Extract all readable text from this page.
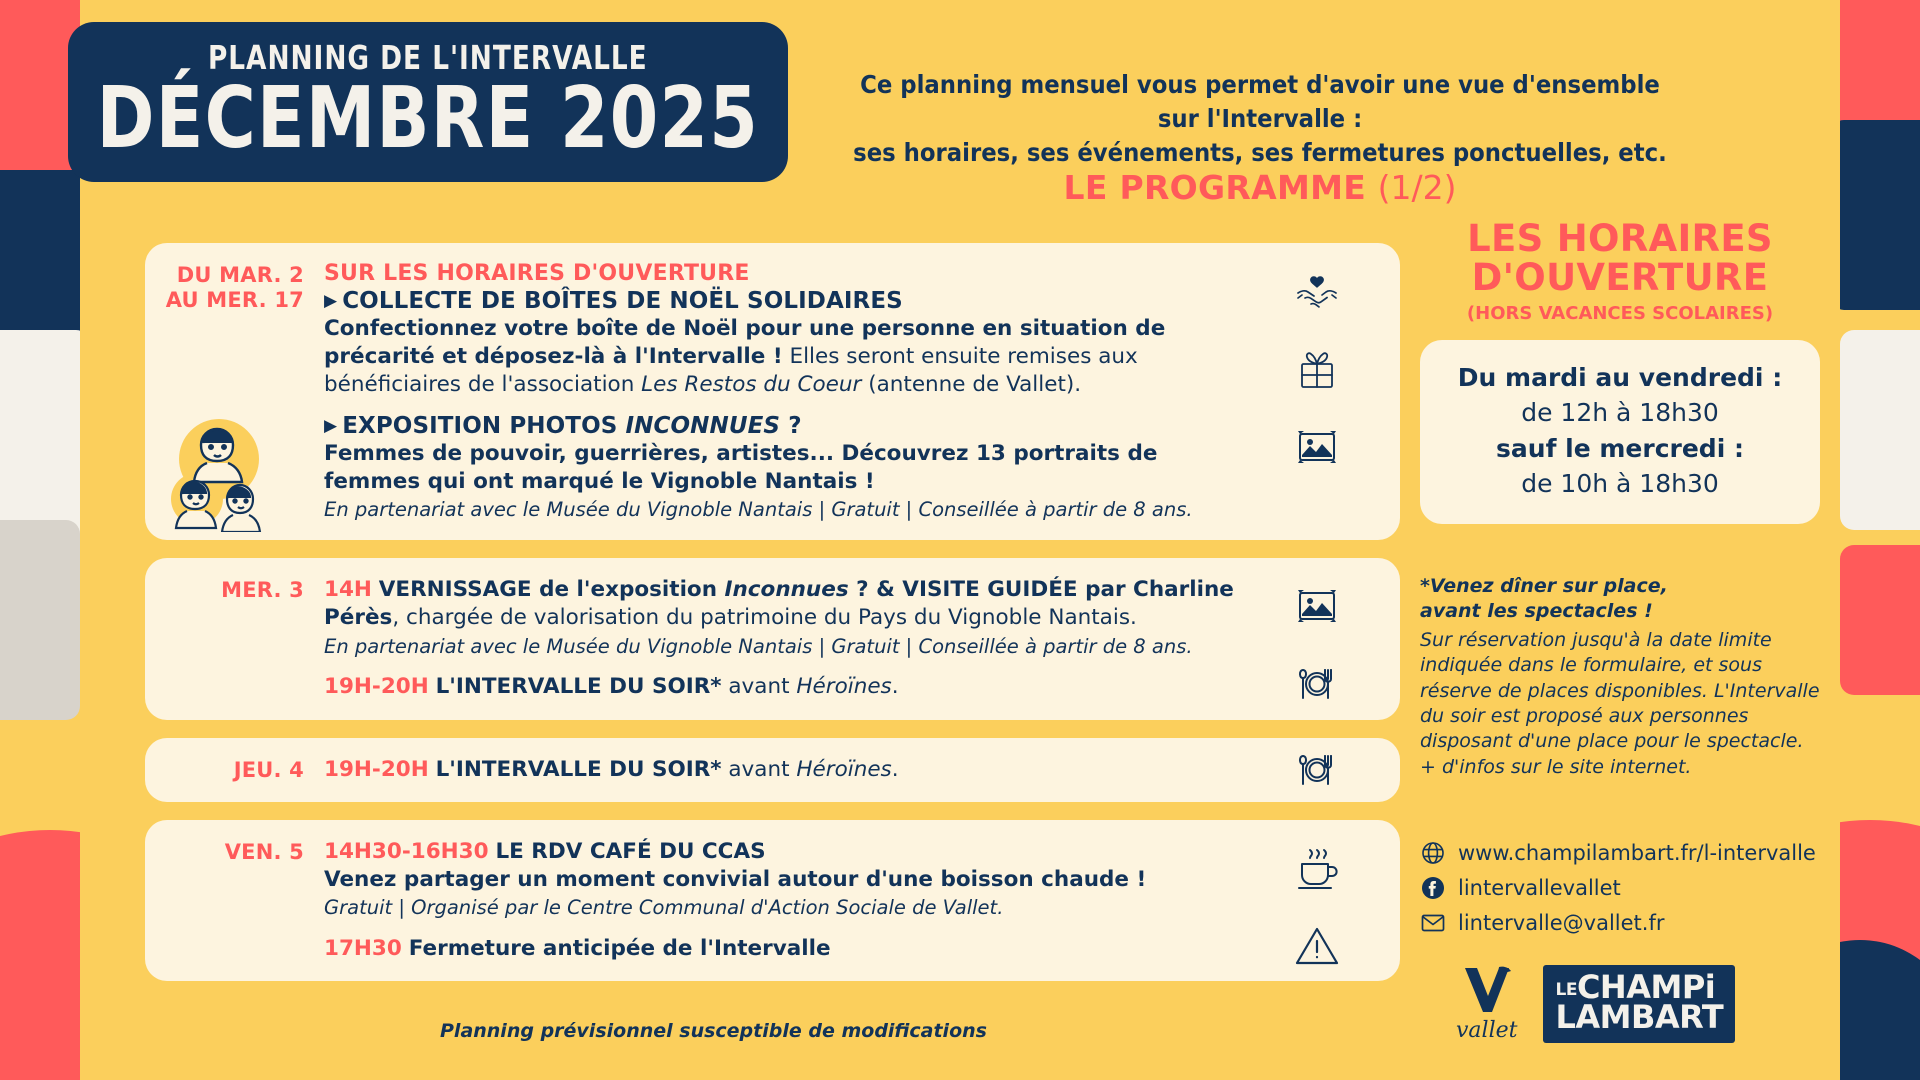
PLANNING DE L'INTERVALLE
DÉCEMBRE 2025	Ce planning mensuel vous permet d'avoir une vue d'ensemble sur l'Intervalle :
ses horaires, ses événements, ses fermetures ponctuelles, etc.
LE PROGRAMME (1/2)
DU MAR. 2
AU MER. 17
SUR LES HORAIRES D'OUVERTURE
▶ COLLECTE DE BOÎTES DE NOËL SOLIDAIRES
Confectionnez votre boîte de Noël pour une personne en situation de précarité et déposez-là à l'Intervalle ! Elles seront ensuite remises aux bénéficiaires de l'association Les Restos du Coeur (antenne de Vallet).
▶ EXPOSITION PHOTOS INCONNUES ?
Femmes de pouvoir, guerrières, artistes... Découvrez 13 portraits de femmes qui ont marqué le Vignoble Nantais !
En partenariat avec le Musée du Vignoble Nantais | Gratuit | Conseillée à partir de 8 ans.
MER. 3 14H VERNISSAGE de l'exposition Inconnues ? & VISITE GUIDÉE par Charline Pérès, chargée de valorisation du patrimoine du Pays du Vignoble Nantais.
En partenariat avec le Musée du Vignoble Nantais | Gratuit | Conseillée à partir de 8 ans.
19H-20H L'INTERVALLE DU SOIR* avant Héroïnes.
JEU. 4 19H-20H L'INTERVALLE DU SOIR* avant Héroïnes.
VEN. 5 14H30-16H30 LE RDV CAFÉ DU CCAS
Venez partager un moment convivial autour d'une boisson chaude !
Gratuit | Organisé par le Centre Communal d'Action Sociale de Vallet.
17H30 Fermeture anticipée de l'Intervalle
Planning prévisionnel susceptible de modifications
LES HORAIRES
D'OUVERTURE
(HORS VACANCES SCOLAIRES)
Du mardi au vendredi :
de 12h à 18h30
sauf le mercredi :
de 10h à 18h30
*Venez dîner sur place,
avant les spectacles !
Sur réservation jusqu'à la date limite indiquée dans le formulaire, et sous réserve de places disponibles. L'Intervalle du soir est proposé aux personnes disposant d'une place pour le spectacle. + d'infos sur le site internet.
www.champilambart.fr/l-intervalle
lintervallevallet
lintervalle@vallet.fr
vallet
LECHAMPi
LAMBART
